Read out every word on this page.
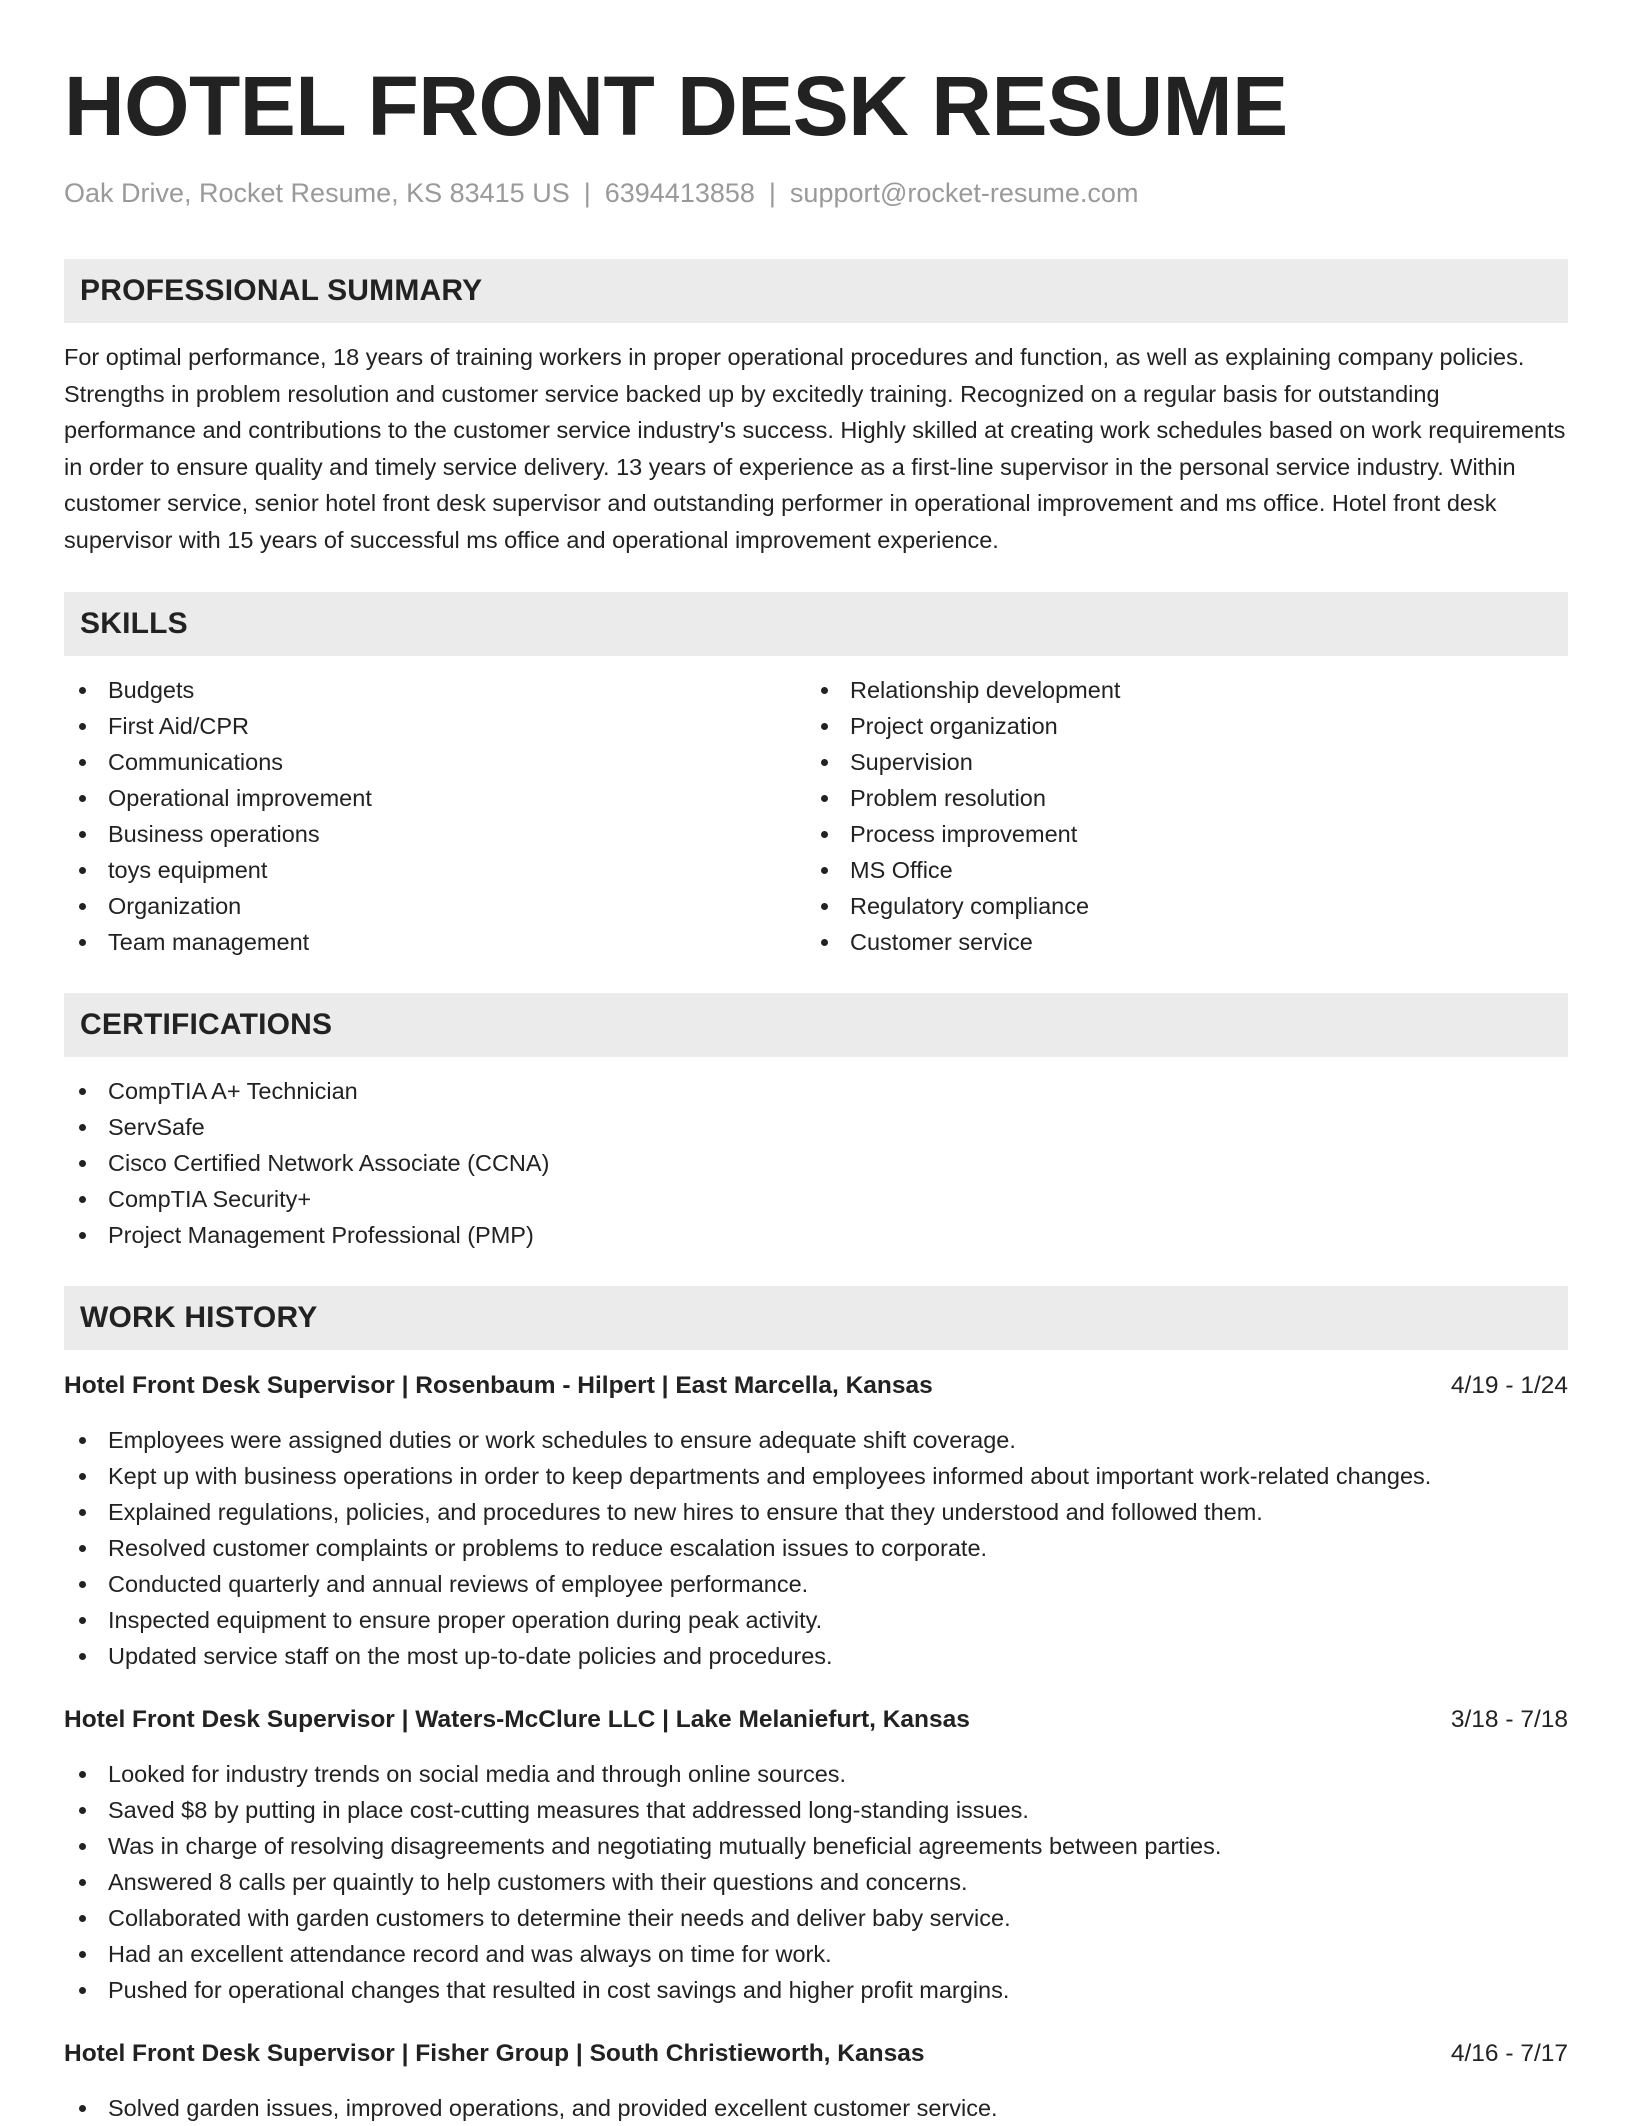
HOTEL FRONT DESK RESUME
Oak Drive, Rocket Resume, KS 83415 US | 6394413858 | support@rocket-resume.com
PROFESSIONAL SUMMARY
For optimal performance, 18 years of training workers in proper operational procedures and function, as well as explaining company policies. Strengths in problem resolution and customer service backed up by excitedly training. Recognized on a regular basis for outstanding performance and contributions to the customer service industry's success. Highly skilled at creating work schedules based on work requirements in order to ensure quality and timely service delivery. 13 years of experience as a first-line supervisor in the personal service industry. Within customer service, senior hotel front desk supervisor and outstanding performer in operational improvement and ms office. Hotel front desk supervisor with 15 years of successful ms office and operational improvement experience.
SKILLS
Budgets
First Aid/CPR
Communications
Operational improvement
Business operations
toys equipment
Organization
Team management
Relationship development
Project organization
Supervision
Problem resolution
Process improvement
MS Office
Regulatory compliance
Customer service
CERTIFICATIONS
CompTIA A+ Technician
ServSafe
Cisco Certified Network Associate (CCNA)
CompTIA Security+
Project Management Professional (PMP)
WORK HISTORY
Hotel Front Desk Supervisor | Rosenbaum - Hilpert | East Marcella, Kansas	4/19 - 1/24
Employees were assigned duties or work schedules to ensure adequate shift coverage.
Kept up with business operations in order to keep departments and employees informed about important work-related changes.
Explained regulations, policies, and procedures to new hires to ensure that they understood and followed them.
Resolved customer complaints or problems to reduce escalation issues to corporate.
Conducted quarterly and annual reviews of employee performance.
Inspected equipment to ensure proper operation during peak activity.
Updated service staff on the most up-to-date policies and procedures.
Hotel Front Desk Supervisor | Waters-McClure LLC | Lake Melaniefurt, Kansas	3/18 - 7/18
Looked for industry trends on social media and through online sources.
Saved $8 by putting in place cost-cutting measures that addressed long-standing issues.
Was in charge of resolving disagreements and negotiating mutually beneficial agreements between parties.
Answered 8 calls per quaintly to help customers with their questions and concerns.
Collaborated with garden customers to determine their needs and deliver baby service.
Had an excellent attendance record and was always on time for work.
Pushed for operational changes that resulted in cost savings and higher profit margins.
Hotel Front Desk Supervisor | Fisher Group | South Christieworth, Kansas	4/16 - 7/17
Solved garden issues, improved operations, and provided excellent customer service.
